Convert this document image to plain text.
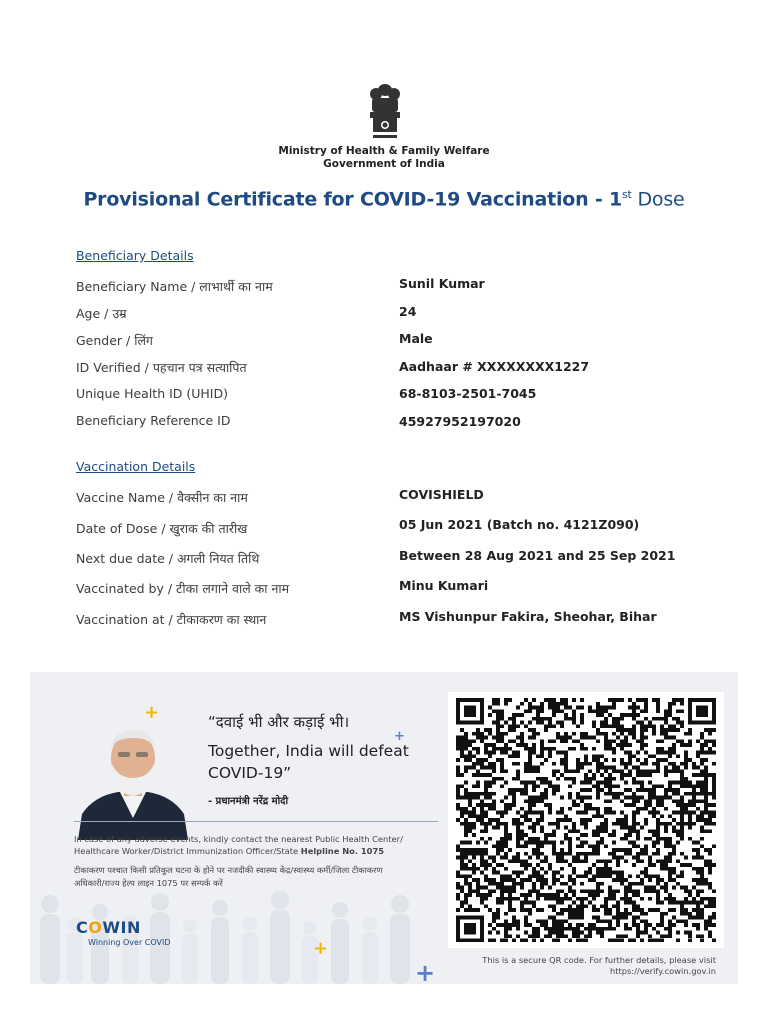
Ministry of Health & Family Welfare
Government of India
Provisional Certificate for COVID-19 Vaccination - 1st Dose
Beneficiary Details
Beneficiary Name / लाभार्थी का नाम	Sunil Kumar
Age / उम्र	24
Gender / लिंग	Male
ID Verified / पहचान पत्र सत्यापित	Aadhaar # XXXXXXXX1227
Unique Health ID (UHID)	68-8103-2501-7045
Beneficiary Reference ID	45927952197020
Vaccination Details
Vaccine Name / वैक्सीन का नाम	COVISHIELD
Date of Dose / खुराक की तारीख	05 Jun 2021 (Batch no. 4121Z090)
Next due date / अगली नियत तिथि	Between 28 Aug 2021 and 25 Sep 2021
Vaccinated by / टीका लगाने वाले का नाम	Minu Kumari
Vaccination at / टीकाकरण का स्थान	MS Vishunpur Fakira, Sheohar, Bihar
+
+
+
+
“दवाई भी और कड़ाई भी।
Together, India will defeat COVID-19”
- प्रधानमंत्री नरेंद्र मोदी
In case of any adverse events, kindly contact the nearest Public Health Center/
Healthcare Worker/District Immunization Officer/State Helpline No. 1075
टीकाकरण पश्चात किसी प्रतिकूल घटना के होने पर नजदीकी स्वास्थ्य केंद्र/स्वास्थ्य कर्मी/जिला टीकाकरण
अधिकारी/राज्य हेल्प लाइन 1075 पर सम्पर्क करें
COWIN
Winning Over COVID
This is a secure QR code. For further details, please visit
https://verify.cowin.gov.in
